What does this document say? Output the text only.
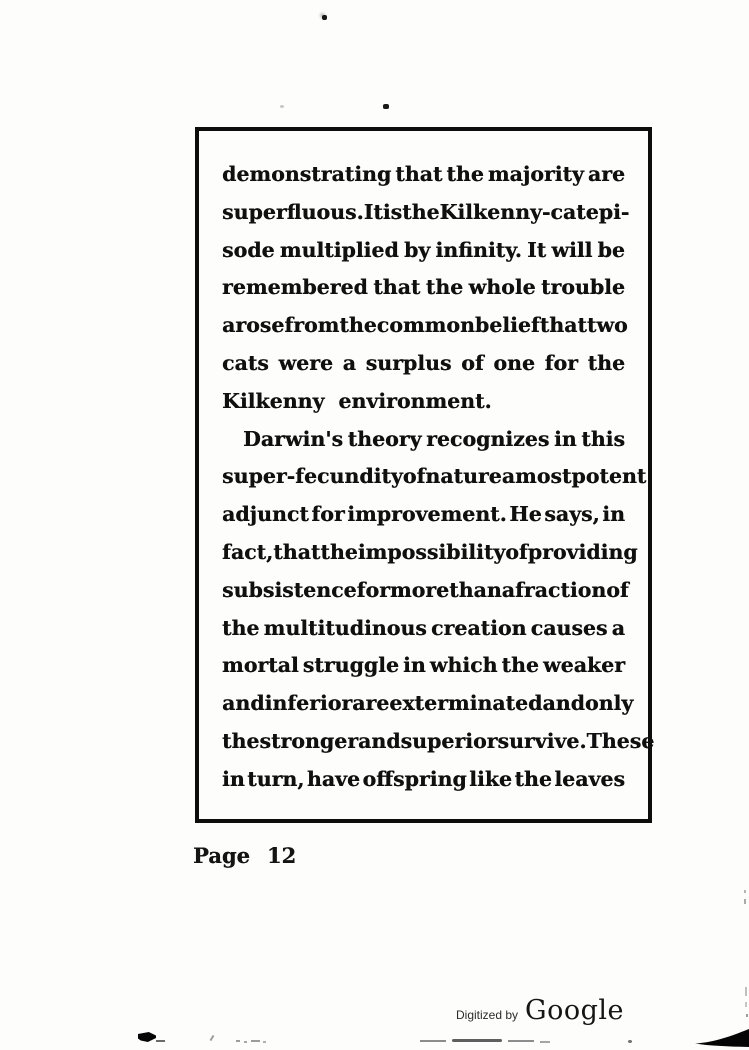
demonstrating that the majority are
superfluous. It is the Kilkenny-cat epi-
sode multiplied by infinity. It will be
remembered that the whole trouble
arose from the common belief that two
cats were a surplus of one for the
Kilkenny environment.
Darwin's theory recognizes in this
super-fecundity of nature a most potent
adjunct for improvement. He says, in
fact, that the impossibility of providing
subsistence for more than a fraction of
the multitudinous creation causes a
mortal struggle in which the weaker
and inferior are exterminated and only
the stronger and superior survive. These
in turn, have offspring like the leaves
Page 12
Digitized by Google
